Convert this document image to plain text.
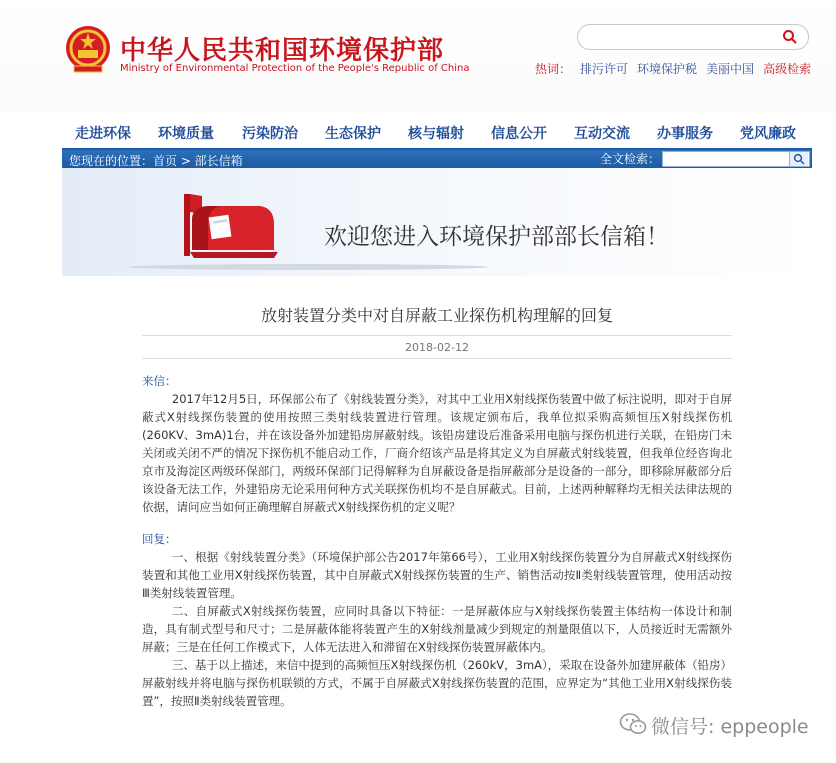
中华人民共和国环境保护部
Ministry of Environmental Protection of the People's Republic of China	热词： 排污许可 环境保护税 美丽中国 高级检索
走进环保 环境质量 污染防治 生态保护 核与辐射 信息公开 互动交流 办事服务 党风廉政
您现在的位置：首页 > 部长信箱	全文检索：
欢迎您进入环境保护部部长信箱！
放射装置分类中对自屏蔽工业探伤机构理解的回复
2018-02-12
来信：

2017年12月5日，环保部公布了《射线装置分类》，对其中工业用X射线探伤装置中做了标注说明，即对于自屏蔽式X射线探伤装置的使用按照三类射线装置进行管理。该规定颁布后，我单位拟采购高频恒压X射线探伤机(260KV、3mA)1台，并在该设备外加建铅房屏蔽射线。该铅房建设后准备采用电脑与探伤机进行关联，在铅房门未关闭或关闭不严的情况下探伤机不能启动工作，厂商介绍该产品是将其定义为自屏蔽式射线装置，但我单位经咨询北京市及海淀区两级环保部门，两级环保部门记得解释为自屏蔽设备是指屏蔽部分是设备的一部分，即移除屏蔽部分后该设备无法工作，外建铅房无论采用何种方式关联探伤机均不是自屏蔽式。目前，上述两种解释均无相关法律法规的依据，请问应当如何正确理解自屏蔽式X射线探伤机的定义呢？

回复：

一、根据《射线装置分类》（环境保护部公告2017年第66号），工业用X射线探伤装置分为自屏蔽式X射线探伤装置和其他工业用X射线探伤装置，其中自屏蔽式X射线探伤装置的生产、销售活动按Ⅱ类射线装置管理，使用活动按Ⅲ类射线装置管理。

二、自屏蔽式X射线探伤装置，应同时具备以下特征：一是屏蔽体应与X射线探伤装置主体结构一体设计和制造，具有制式型号和尺寸；二是屏蔽体能将装置产生的X射线剂量减少到规定的剂量限值以下，人员接近时无需额外屏蔽；三是在任何工作模式下，人体无法进入和滞留在X射线探伤装置屏蔽体内。

三、基于以上描述，来信中提到的高频恒压X射线探伤机（260kV，3mA），采取在设备外加建屏蔽体（铅房）屏蔽射线并将电脑与探伤机联锁的方式，不属于自屏蔽式X射线探伤装置的范围，应界定为“其他工业用X射线探伤装置”，按照Ⅱ类射线装置管理。

微信号: eppeople
